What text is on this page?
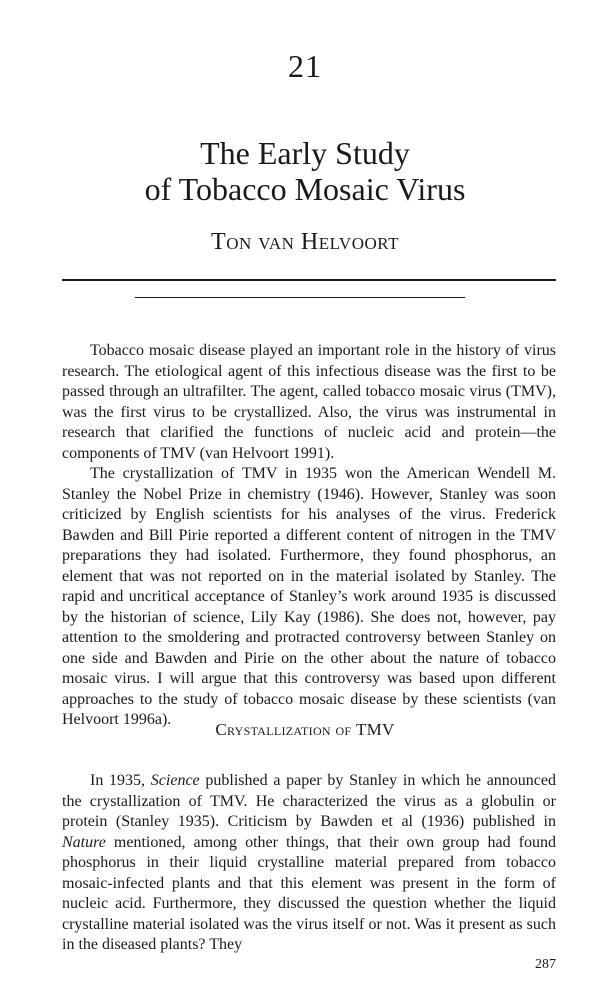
21
The Early Study
of Tobacco Mosaic Virus
Ton van Helvoort

Tobacco mosaic disease played an important role in the history of virus research. The etiological agent of this infectious disease was the first to be passed through an ultrafilter. The agent, called tobacco mosaic virus (TMV), was the first virus to be crystallized. Also, the virus was instrumental in research that clarified the functions of nucleic acid and protein—the components of TMV (van Helvoort 1991).

The crystallization of TMV in 1935 won the American Wendell M. Stanley the Nobel Prize in chemistry (1946). However, Stanley was soon criticized by English scientists for his analyses of the virus. Frederick Bawden and Bill Pirie reported a different content of nitrogen in the TMV preparations they had isolated. Furthermore, they found phosphorus, an element that was not reported on in the material isolated by Stanley. The rapid and uncritical acceptance of Stanley’s work around 1935 is discussed by the historian of science, Lily Kay (1986). She does not, however, pay attention to the smoldering and protracted controversy between Stanley on one side and Bawden and Pirie on the other about the nature of tobacco mosaic virus. I will argue that this controversy was based upon different approaches to the study of tobacco mosaic disease by these scientists (van Helvoort 1996a).

Crystallization of TMV

In 1935, Science published a paper by Stanley in which he announced the crystallization of TMV. He characterized the virus as a globulin or protein (Stanley 1935). Criticism by Bawden et al (1936) published in Nature mentioned, among other things, that their own group had found phosphorus in their liquid crystalline material prepared from tobacco mosaic-infected plants and that this element was present in the form of nucleic acid. Furthermore, they discussed the question whether the liquid crystalline material isolated was the virus itself or not. Was it present as such in the diseased plants? They

287
